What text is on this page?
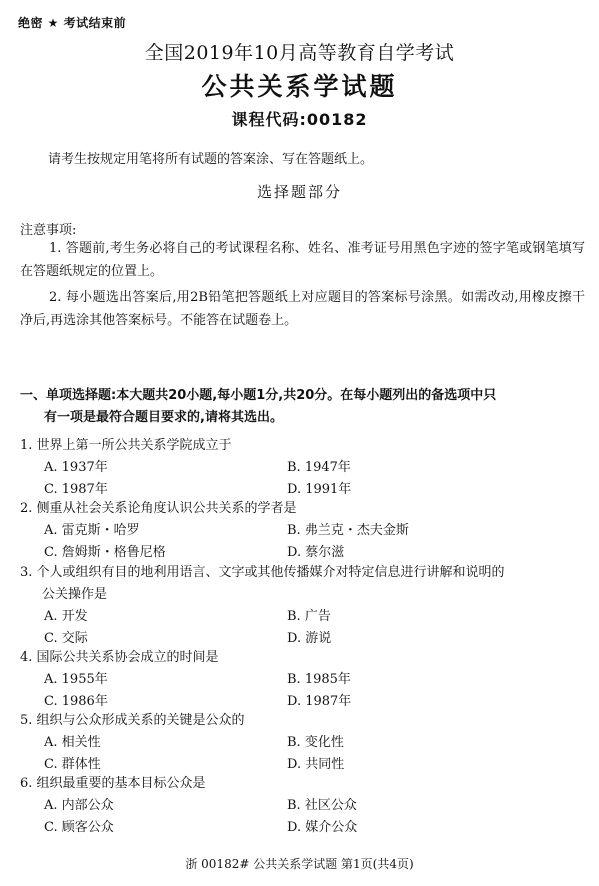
绝密 ★ 考试结束前
全国2019年10月高等教育自学考试
公共关系学试题
课程代码:00182
请考生按规定用笔将所有试题的答案涂、写在答题纸上。
选择题部分
注意事项:
1. 答题前,考生务必将自己的考试课程名称、姓名、准考证号用黑色字迹的签字笔或钢笔填写在答题纸规定的位置上。
2. 每小题选出答案后,用2B铅笔把答题纸上对应题目的答案标号涂黑。如需改动,用橡皮擦干净后,再选涂其他答案标号。不能答在试题卷上。
一、单项选择题:本大题共20小题,每小题1分,共20分。在每小题列出的备选项中只
有一项是最符合题目要求的,请将其选出。
1. 世界上第一所公共关系学院成立于
A. 1937年	B. 1947年
C. 1987年	D. 1991年
2. 侧重从社会关系论角度认识公共关系的学者是
A. 雷克斯・哈罗	B. 弗兰克・杰夫金斯
C. 詹姆斯・格鲁尼格	D. 蔡尔滋
3. 个人或组织有目的地利用语言、文字或其他传播媒介对特定信息进行讲解和说明的
公关操作是
A. 开发	B. 广告
C. 交际	D. 游说
4. 国际公共关系协会成立的时间是
A. 1955年	B. 1985年
C. 1986年	D. 1987年
5. 组织与公众形成关系的关键是公众的
A. 相关性	B. 变化性
C. 群体性	D. 共同性
6. 组织最重要的基本目标公众是
A. 内部公众	B. 社区公众
C. 顾客公众	D. 媒介公众
浙 00182# 公共关系学试题 第1页(共4页)
